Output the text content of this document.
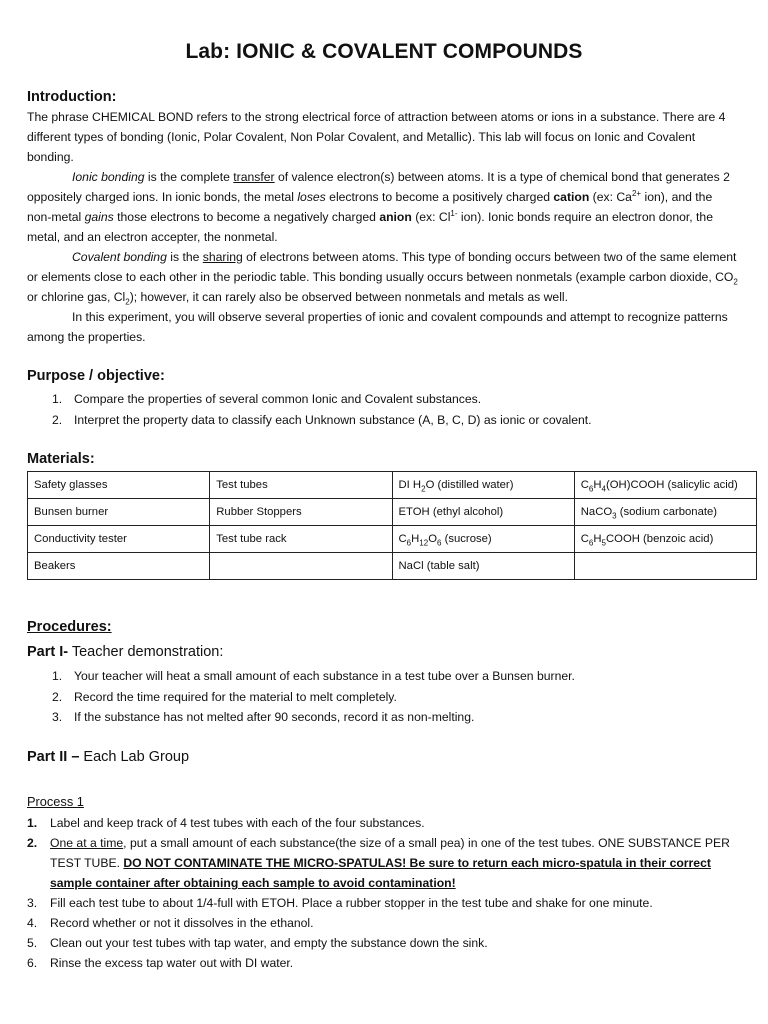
Lab: IONIC & COVALENT COMPOUNDS
Introduction:

The phrase CHEMICAL BOND refers to the strong electrical force of attraction between atoms or ions in a substance. There are 4 different types of bonding (Ionic, Polar Covalent, Non Polar Covalent, and Metallic). This lab will focus on Ionic and Covalent bonding.

Ionic bonding is the complete transfer of valence electron(s) between atoms. It is a type of chemical bond that generates 2 oppositely charged ions. In ionic bonds, the metal loses electrons to become a positively charged cation (ex: $Ca^{2+}$ ion), and the non-metal gains those electrons to become a negatively charged anion (ex: $Cl^{1-}$ ion). Ionic bonds require an electron donor, the metal, and an electron accepter, the nonmetal.

Covalent bonding is the sharing of electrons between atoms. This type of bonding occurs between two of the same element or elements close to each other in the periodic table. This bonding usually occurs between nonmetals (example carbon dioxide, $CO_2$ or chlorine gas, $Cl_2$); however, it can rarely also be observed between nonmetals and metals as well.

In this experiment, you will observe several properties of ionic and covalent compounds and attempt to recognize patterns among the properties.

Purpose / objective:
1. Compare the properties of several common Ionic and Covalent substances.
2. Interpret the property data to classify each Unknown substance (A, B, C, D) as ionic or covalent.
Materials:
Safety glasses	Test tubes	DI $H_2O$ (distilled water)	$C_6H_4(OH)COOH$ (salicylic acid)
Bunsen burner	Rubber Stoppers	ETOH (ethyl alcohol)	NaCO$_3$ (sodium carbonate)
Conductivity tester	Test tube rack	$C_6H_{12}O_6$ (sucrose)	$C_6H_5COOH$ (benzoic acid)
Beakers		NaCl (table salt)	
Procedures:
Part I- Teacher demonstration:
1. Your teacher will heat a small amount of each substance in a test tube over a Bunsen burner.
2. Record the time required for the material to melt completely.
3. If the substance has not melted after 90 seconds, record it as non-melting.
Part II – Each Lab Group
Process 1
1. Label and keep track of 4 test tubes with each of the four substances.
2. One at a time, put a small amount of each substance(the size of a small pea) in one of the test tubes. ONE SUBSTANCE PER TEST TUBE. DO NOT CONTAMINATE THE MICRO-SPATULAS! Be sure to return each micro-spatula in their correct sample container after obtaining each sample to avoid contamination!
3. Fill each test tube to about 1/4-full with ETOH. Place a rubber stopper in the test tube and shake for one minute.
4. Record whether or not it dissolves in the ethanol.
5. Clean out your test tubes with tap water, and empty the substance down the sink.
6. Rinse the excess tap water out with DI water.
